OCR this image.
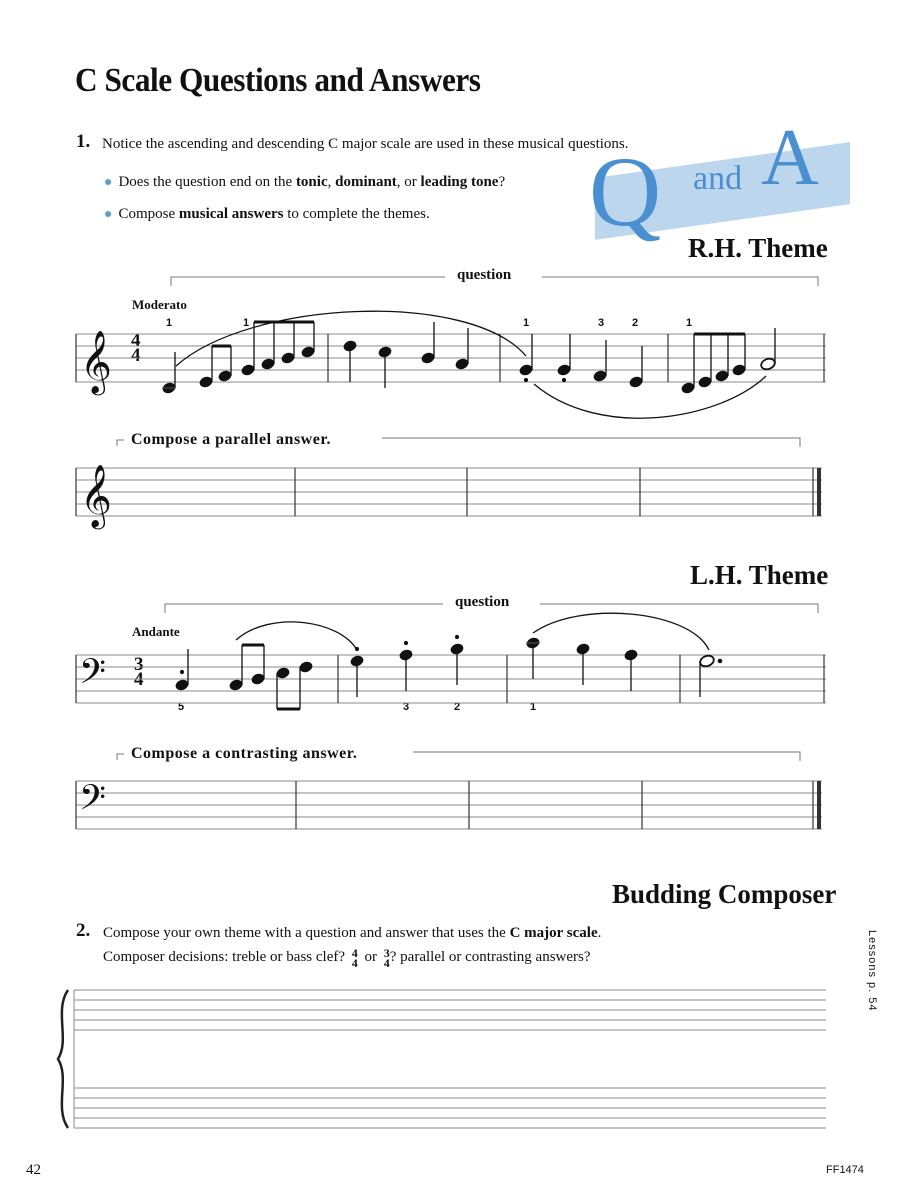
C Scale Questions and Answers
Q and A
1. Notice the ascending and descending C major scale are used in these musical questions.
● Does the question end on the tonic, dominant, or leading tone?
● Compose musical answers to complete the themes.
R.H. Theme
L.H. Theme
Budding Composer
Moderato
Andante
question
question
Compose a parallel answer.
Compose a contrasting answer.
1	1	1	3	2	1
5	3	2	1
4
4
3
4
2. Compose your own theme with a question and answer that uses the C major scale.
Composer decisions: treble or bass clef? 4
4 or 3
4 ? parallel or contrasting answers?	Lessons p. 54
42	FF1474
𝄞
𝄞
𝄢
𝄢
